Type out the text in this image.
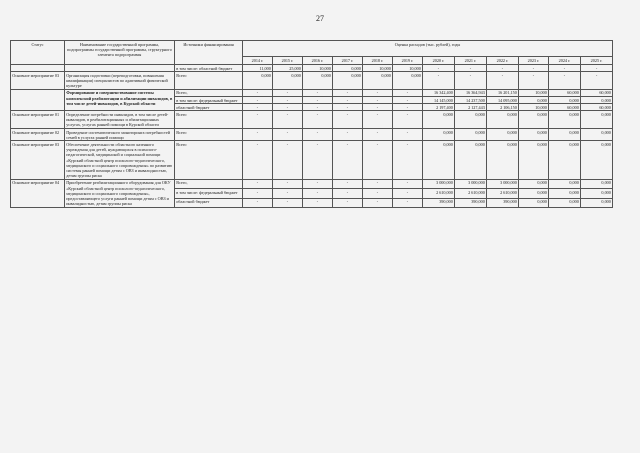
27
Статус	Наименование государственной программы, подпрограммы государственной программы, структурного элемента подпрограммы	Источники финансирования	Оценка расходов (тыс. рублей), годы											
			2014 г.	2015 г.	2016 г.	2017 г.	2018 г.	2019 г.	2020 г.	2021 г.	2022 г.	2023 г.	2024 г.	2025 г.
		в том числе: областной бюджет	11,000	25,000	10,000	0,000	10,000	10,000	-	-	-	-	-	-
Основное мероприятие 03	Организация подготовки (переподготовки, повышения квалификации) специалистов по адаптивной физической культуре	Всего	0,000	0,000	0,000	0,000	0,000	0,000	-	-	-	-	-	-
	Формирование и совершенствование системы комплексной реабилитации и абилитации инвалидов, в том числе детей-инвалидов, в Курской области	Всего,	-	-	-	-	-	-	16 342,400	16 364,943	16 201,150	10,000	60,000	60,000
		в том числе: федеральный бюджет	-	-	-	-	-	-	14 145,000	14 237,500	14 095,000	0,000	0,000	0,000
		областной бюджет	-	-	-	-	-	-	2 197,400	2 127,443	2 106,150	10,000	60,000	60,000
Основное мероприятие 01	Определение потребности инвалидов, в том числе детей-инвалидов, в реабилитационных и абилитационных услугах, услугах ранней помощи в Курской области	Всего	-	-	-	-	-	-	0,000	0,000	0,000	0,000	0,000	0,000
Основное мероприятие 02	Проведение систематического мониторинга потребностей семей в услугах ранней помощи	Всего	-	-	-	-	-	-	0,000	0,000	0,000	0,000	0,000	0,000
Основное мероприятие 03	Обеспечение деятельности областного казенного учреждения для детей, нуждающихся в психолого-педагогической, медицинской и социальной помощи «Курский областной центр психолого-педагогического, медицинского и социального сопровождения» по развитию системы ранней помощи детям с ОВЗ и инвалидностью, детям группы риска	Всего	-	-	-	-	-	-	0,000	0,000	0,000	0,000	0,000	0,000
Основное мероприятие 04	Приобретение реабилитационного оборудования для ОКУ «Курский областной центр психолого-педагогического, медицинского и социального сопровождения», предоставляющего услуги ранней помощи детям с ОВЗ и инвалидностью, детям группы риска	Всего,	-	-	-	-	-	-	3 000,000	3 000,000	3 000,000	0,000	0,000	0,000
		в том числе: федеральный бюджет	-	-	-	-	-	-	2 610,000	2 610,000	2 610,000	0,000	0,000	0,000
		областной бюджет	-	-	-	-	-	-	390,000	390,000	390,000	0,000	0,000	0,000
